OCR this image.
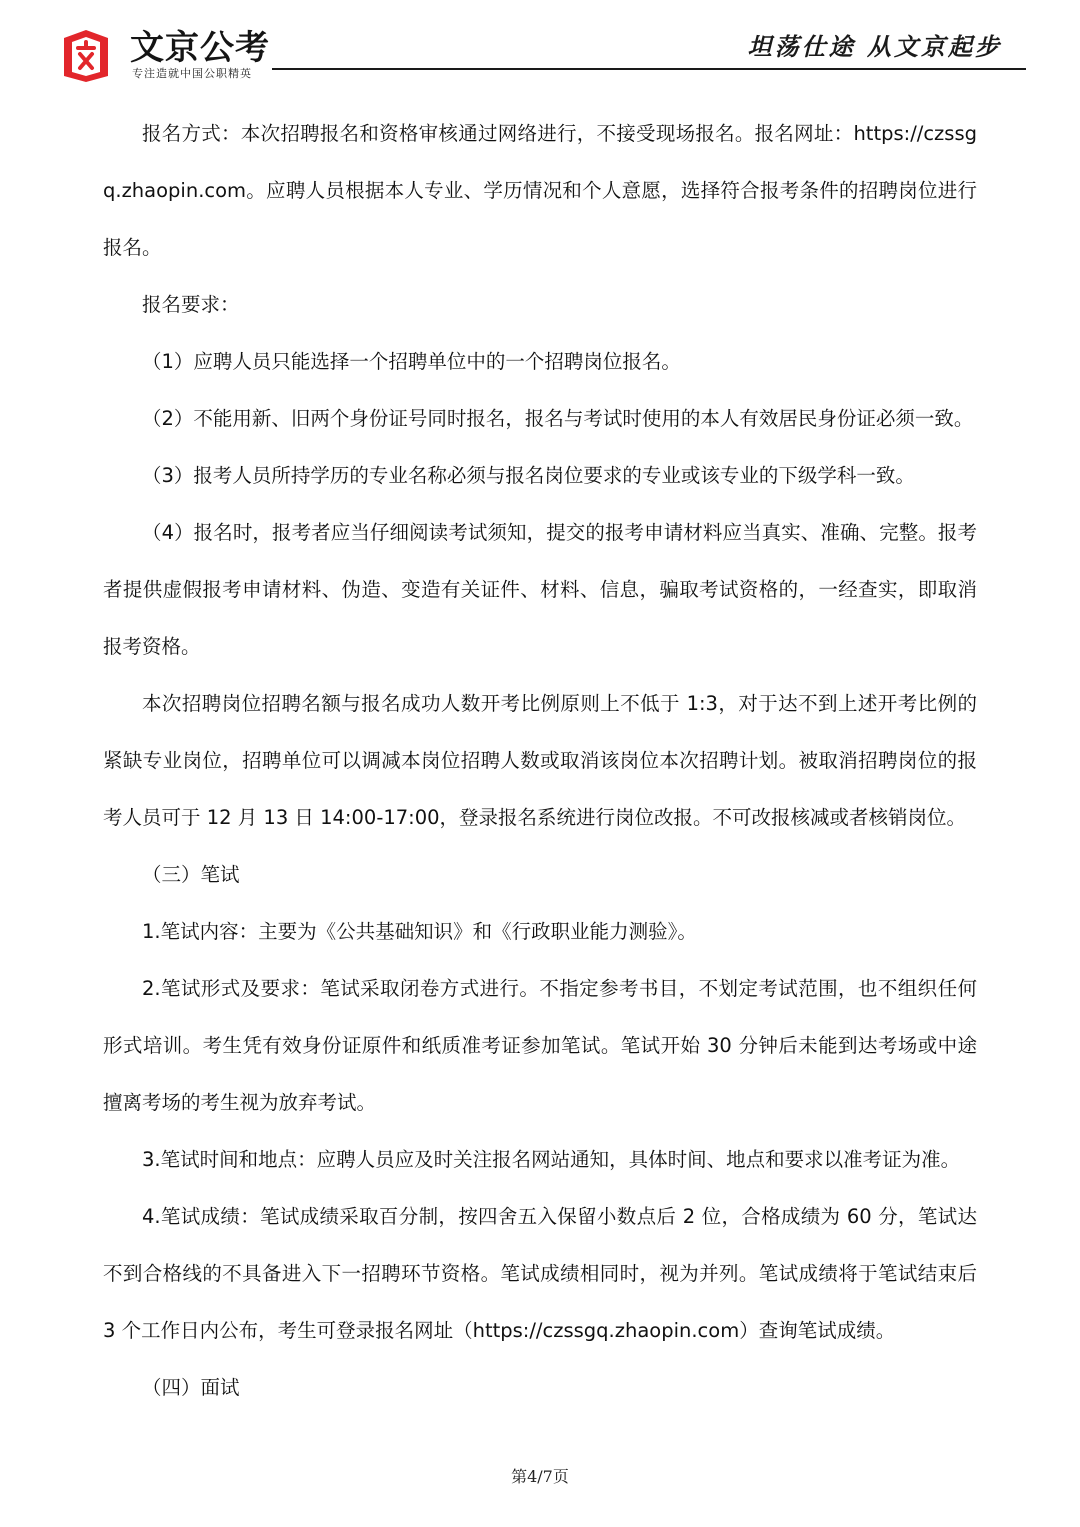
文京公考
专注造就中国公职精英
坦荡仕途 从文京起步

报名方式：本次招聘报名和资格审核通过网络进行，不接受现场报名。报名网址：https://czssgq.zhaopin.com。应聘人员根据本人专业、学历情况和个人意愿，选择符合报考条件的招聘岗位进行报名。

报名要求：

（1）应聘人员只能选择一个招聘单位中的一个招聘岗位报名。

（2）不能用新、旧两个身份证号同时报名，报名与考试时使用的本人有效居民身份证必须一致。

（3）报考人员所持学历的专业名称必须与报名岗位要求的专业或该专业的下级学科一致。

（4）报名时，报考者应当仔细阅读考试须知，提交的报考申请材料应当真实、准确、完整。报考者提供虚假报考申请材料、伪造、变造有关证件、材料、信息，骗取考试资格的，一经查实，即取消报考资格。

本次招聘岗位招聘名额与报名成功人数开考比例原则上不低于 1:3，对于达不到上述开考比例的紧缺专业岗位，招聘单位可以调减本岗位招聘人数或取消该岗位本次招聘计划。被取消招聘岗位的报考人员可于 12 月 13 日 14:00-17:00，登录报名系统进行岗位改报。不可改报核减或者核销岗位。

（三）笔试

1.笔试内容：主要为《公共基础知识》和《行政职业能力测验》。

2.笔试形式及要求：笔试采取闭卷方式进行。不指定参考书目，不划定考试范围，也不组织任何形式培训。考生凭有效身份证原件和纸质准考证参加笔试。笔试开始 30 分钟后未能到达考场或中途擅离考场的考生视为放弃考试。

3.笔试时间和地点：应聘人员应及时关注报名网站通知，具体时间、地点和要求以准考证为准。

4.笔试成绩：笔试成绩采取百分制，按四舍五入保留小数点后 2 位，合格成绩为 60 分，笔试达不到合格线的不具备进入下一招聘环节资格。笔试成绩相同时，视为并列。笔试成绩将于笔试结束后 3 个工作日内公布，考生可登录报名网址（https://czssgq.zhaopin.com）查询笔试成绩。

（四）面试

第4/7页
